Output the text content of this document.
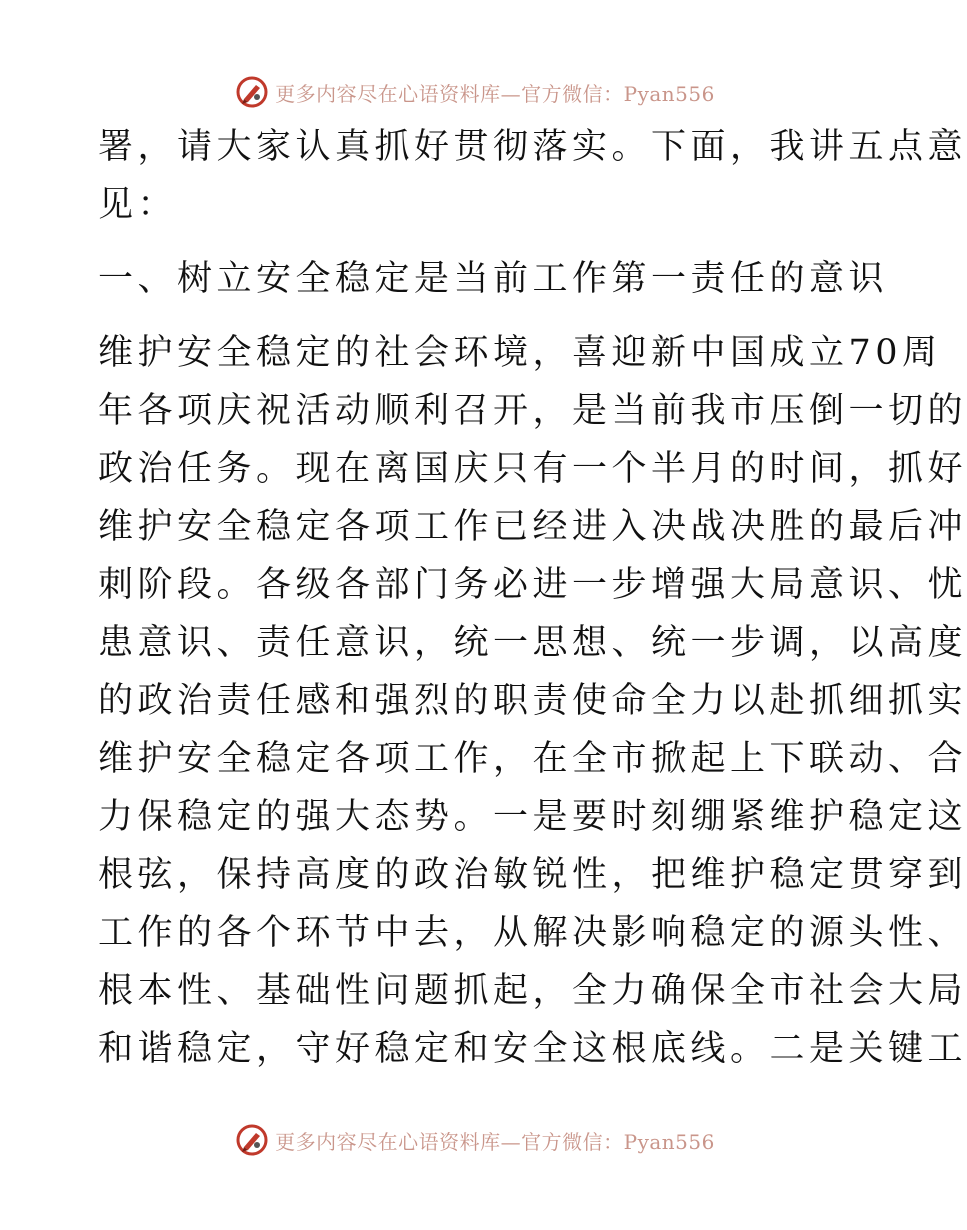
更多内容尽在心语资料库—官方微信：Pyan556
署，请大家认真抓好贯彻落实。下面，我讲五点意
见：
一、树立安全稳定是当前工作第一责任的意识
维护安全稳定的社会环境，喜迎新中国成立70周
年各项庆祝活动顺利召开，是当前我市压倒一切的
政治任务。现在离国庆只有一个半月的时间，抓好
维护安全稳定各项工作已经进入决战决胜的最后冲
刺阶段。各级各部门务必进一步增强大局意识、忧
患意识、责任意识，统一思想、统一步调，以高度
的政治责任感和强烈的职责使命全力以赴抓细抓实
维护安全稳定各项工作，在全市掀起上下联动、合
力保稳定的强大态势。一是要时刻绷紧维护稳定这
根弦，保持高度的政治敏锐性，把维护稳定贯穿到
工作的各个环节中去，从解决影响稳定的源头性、
根本性、基础性问题抓起，全力确保全市社会大局
和谐稳定，守好稳定和安全这根底线。二是关键工
更多内容尽在心语资料库—官方微信：Pyan556
